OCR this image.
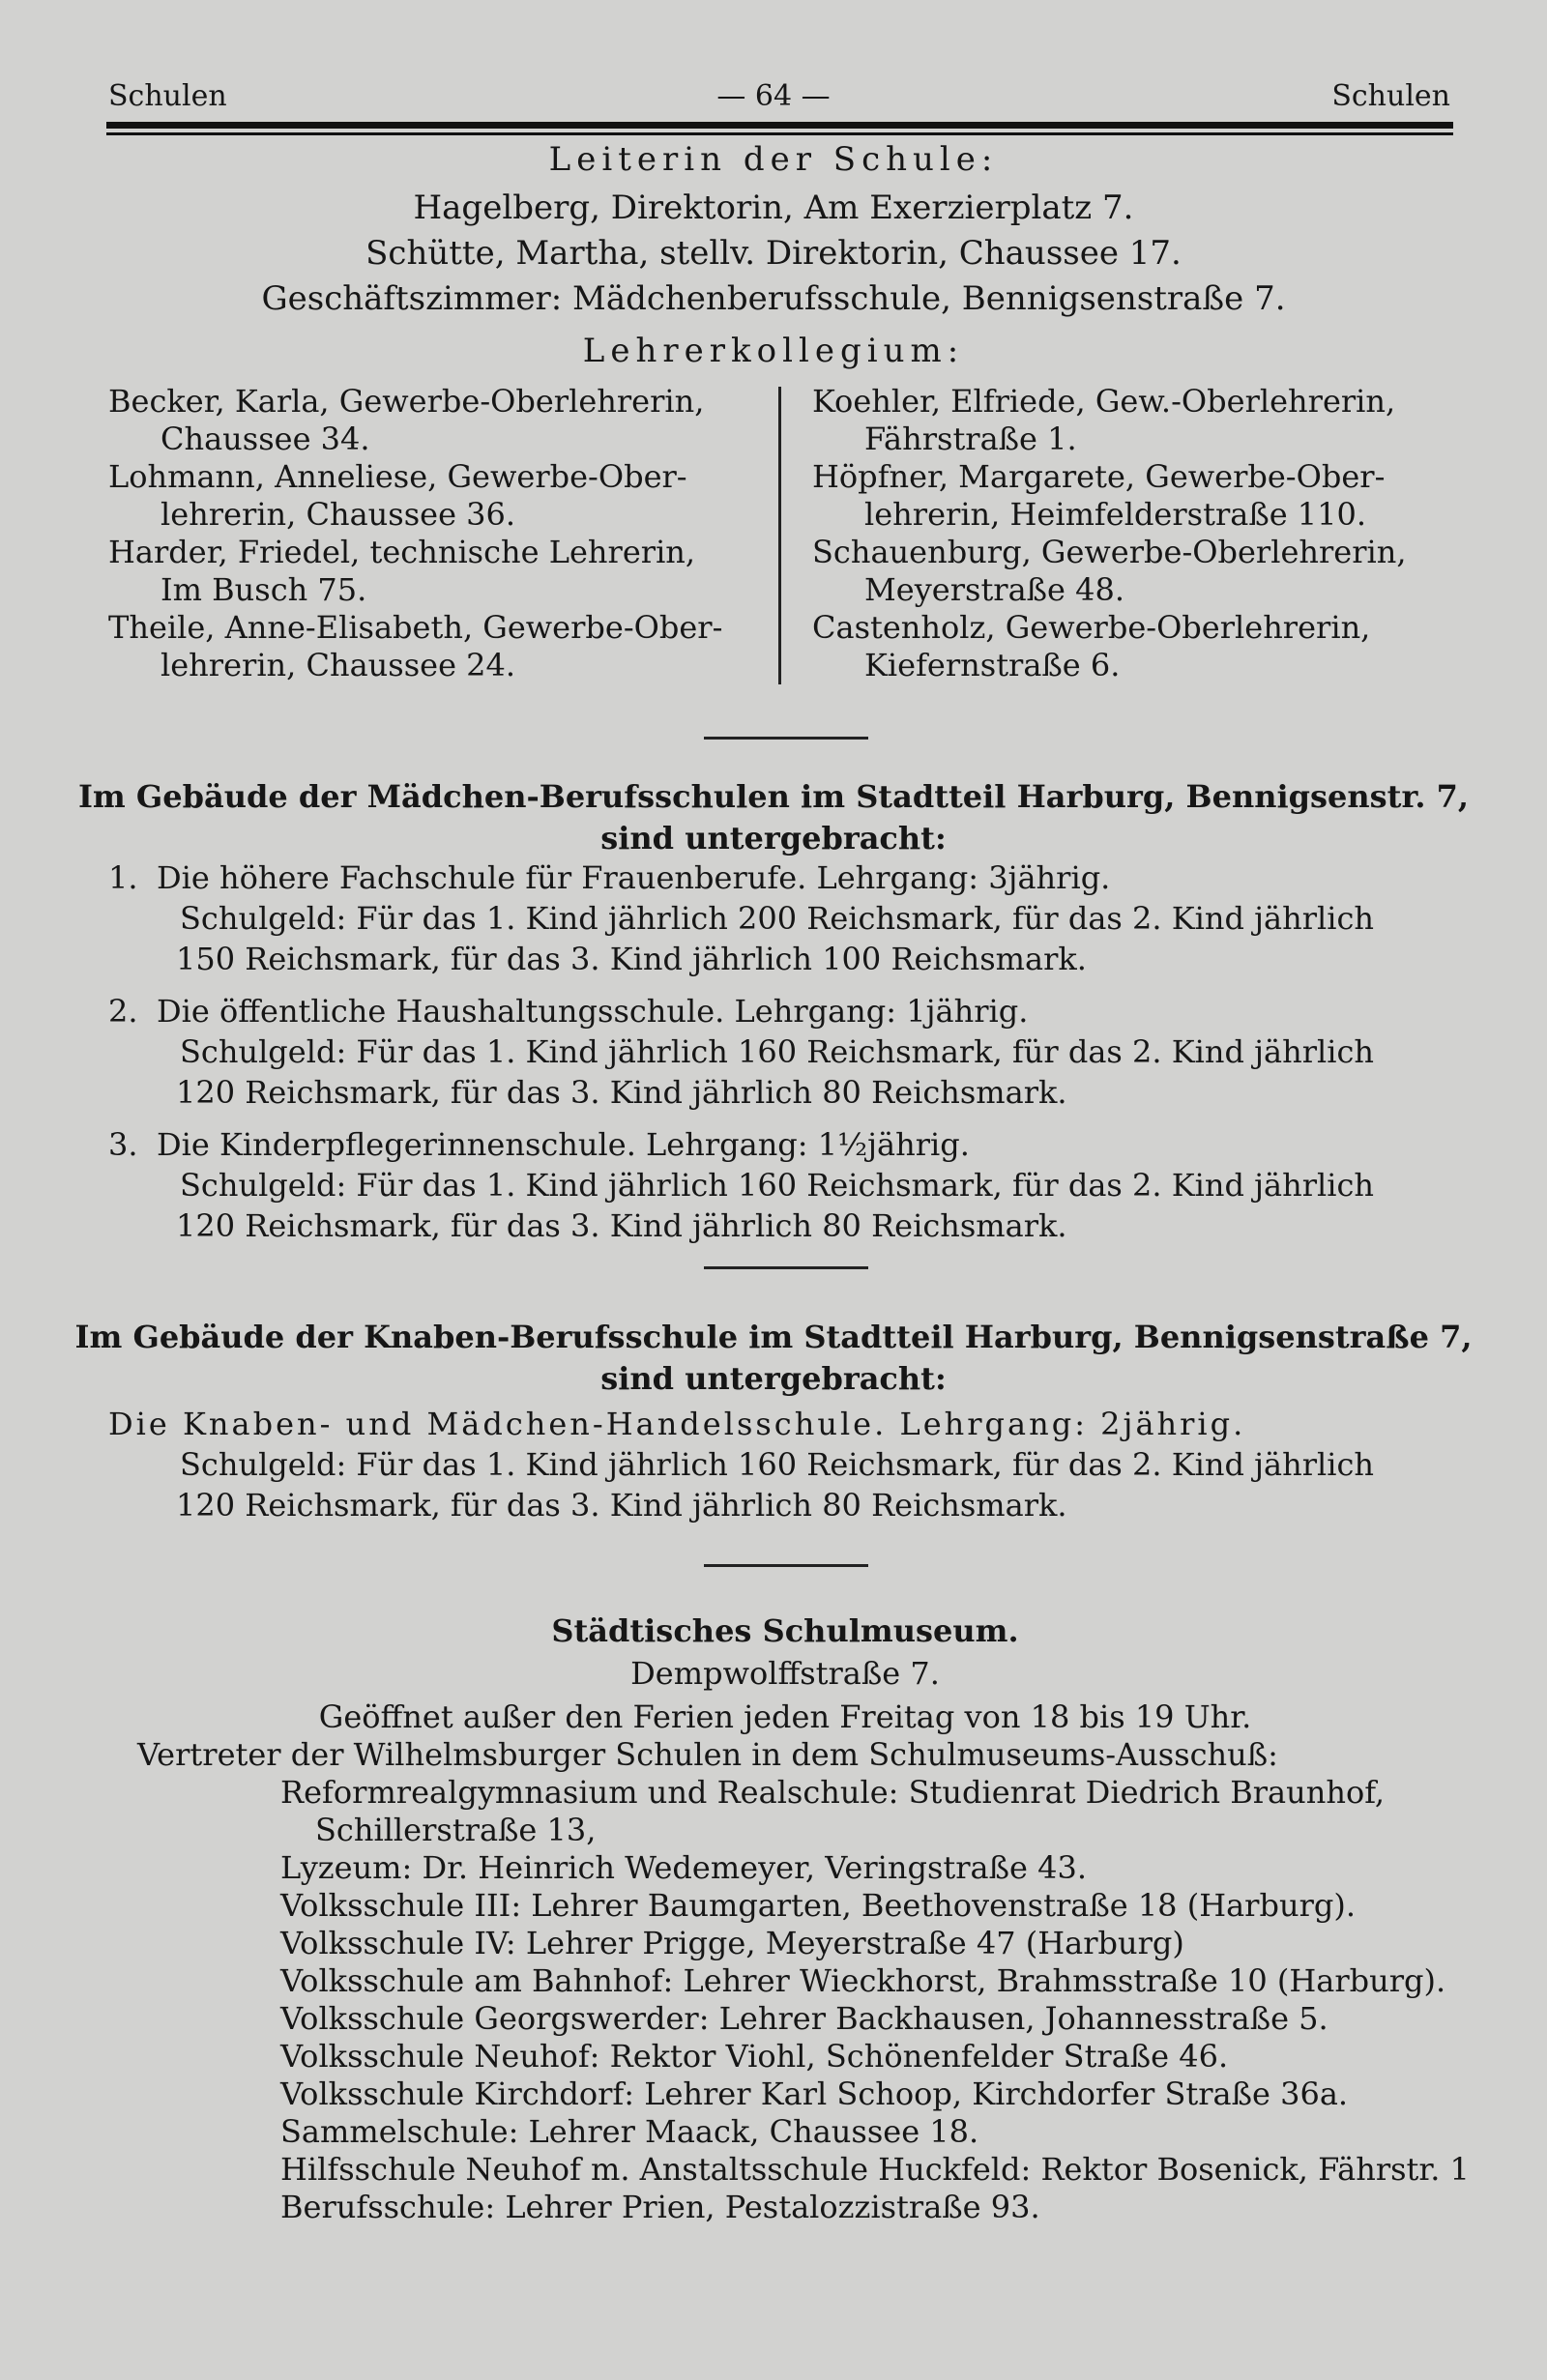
Schulen	— 64 —	Schulen
Leiterin der Schule:
Hagelberg, Direktorin, Am Exerzierplatz 7.
Schütte, Martha, stellv. Direktorin, Chaussee 17.
Geschäftszimmer: Mädchenberufsschule, Bennigsenstraße 7.
Lehrerkollegium:
Becker, Karla, Gewerbe-Oberlehrerin,
Chaussee 34.
Lohmann, Anneliese, Gewerbe-Ober-
lehrerin, Chaussee 36.
Harder, Friedel, technische Lehrerin,
Im Busch 75.
Theile, Anne-Elisabeth, Gewerbe-Ober-
lehrerin, Chaussee 24.
Koehler, Elfriede, Gew.-Oberlehrerin,
Fährstraße 1.
Höpfner, Margarete, Gewerbe-Ober-
lehrerin, Heimfelderstraße 110.
Schauenburg, Gewerbe-Oberlehrerin,
Meyerstraße 48.
Castenholz, Gewerbe-Oberlehrerin,
Kiefernstraße 6.
Im Gebäude der Mädchen-Berufsschulen im Stadtteil Harburg, Bennigsenstr. 7,
sind untergebracht:
1. Die höhere Fachschule für Frauenberufe. Lehrgang: 3jährig.
Schulgeld: Für das 1. Kind jährlich 200 Reichsmark, für das 2. Kind jährlich
150 Reichsmark, für das 3. Kind jährlich 100 Reichsmark.
2. Die öffentliche Haushaltungsschule. Lehrgang: 1jährig.
Schulgeld: Für das 1. Kind jährlich 160 Reichsmark, für das 2. Kind jährlich
120 Reichsmark, für das 3. Kind jährlich 80 Reichsmark.
3. Die Kinderpflegerinnenschule. Lehrgang: 1½jährig.
Schulgeld: Für das 1. Kind jährlich 160 Reichsmark, für das 2. Kind jährlich
120 Reichsmark, für das 3. Kind jährlich 80 Reichsmark.
Im Gebäude der Knaben-Berufsschule im Stadtteil Harburg, Bennigsenstraße 7,
sind untergebracht:
Die Knaben- und Mädchen-Handelsschule. Lehrgang: 2jährig.
Schulgeld: Für das 1. Kind jährlich 160 Reichsmark, für das 2. Kind jährlich
120 Reichsmark, für das 3. Kind jährlich 80 Reichsmark.
Städtisches Schulmuseum.
Dempwolffstraße 7.
Geöffnet außer den Ferien jeden Freitag von 18 bis 19 Uhr.
Vertreter der Wilhelmsburger Schulen in dem Schulmuseums-Ausschuß:
Reformrealgymnasium und Realschule: Studienrat Diedrich Braunhof,
Schillerstraße 13,
Lyzeum: Dr. Heinrich Wedemeyer, Veringstraße 43.
Volksschule III: Lehrer Baumgarten, Beethovenstraße 18 (Harburg).
Volksschule IV: Lehrer Prigge, Meyerstraße 47 (Harburg)
Volksschule am Bahnhof: Lehrer Wieckhorst, Brahmsstraße 10 (Harburg).
Volksschule Georgswerder: Lehrer Backhausen, Johannesstraße 5.
Volksschule Neuhof: Rektor Viohl, Schönenfelder Straße 46.
Volksschule Kirchdorf: Lehrer Karl Schoop, Kirchdorfer Straße 36a.
Sammelschule: Lehrer Maack, Chaussee 18.
Hilfsschule Neuhof m. Anstaltsschule Huckfeld: Rektor Bosenick, Fährstr. 1
Berufsschule: Lehrer Prien, Pestalozzistraße 93.
